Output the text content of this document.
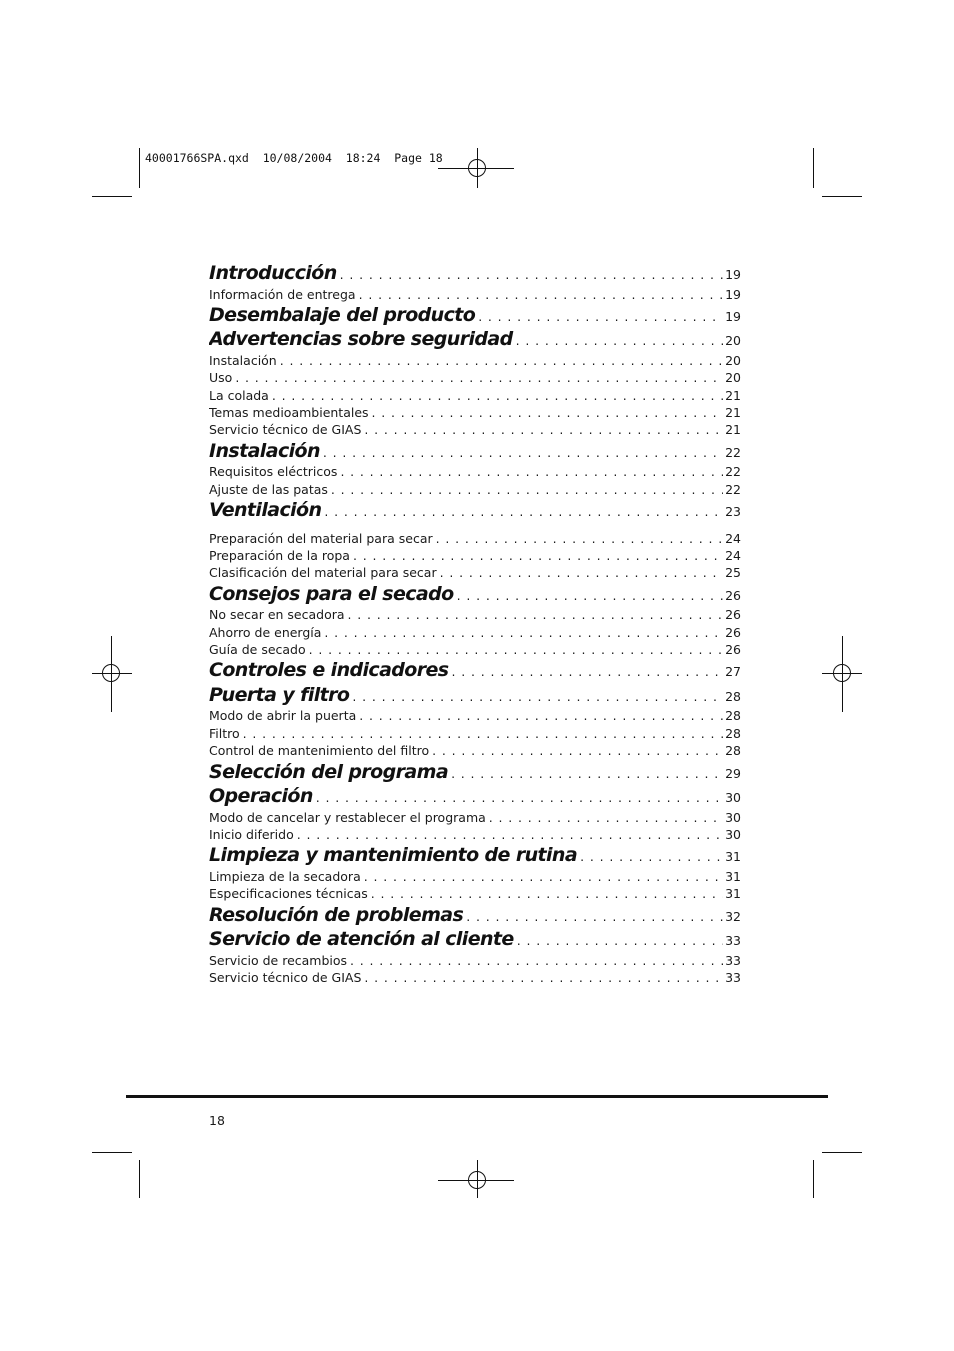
40001766SPA.qxd  10/08/2004  18:24  Page 18
Introducción . . .	19
Información de entrega . . .	19
Desembalaje del producto . . .	19
Advertencias sobre seguridad . . .	20
Instalación . . .	20
Uso . . .	20
La colada . . .	21
Temas medioambientales . . .	21
Servicio técnico de GIAS . . .	21
Instalación . . .	22
Requisitos eléctricos . . .	22
Ajuste de las patas . . .	22
Ventilación . . .	23
Preparación del material para secar . . .	24
Preparación de la ropa . . .	24
Clasificación del material para secar . . .	25
Consejos para el secado . . .	26
No secar en secadora . . .	26
Ahorro de energía . . .	26
Guía de secado . . .	26
Controles e indicadores . . .	27
Puerta y filtro . . .	28
Modo de abrir la puerta . . .	28
Filtro . . .	28
Control de mantenimiento del filtro . . .	28
Selección del programa . . .	29
Operación . . .	30
Modo de cancelar y restablecer el programa . . .	30
Inicio diferido . . .	30
Limpieza y mantenimiento de rutina . . .	31
Limpieza de la secadora . . .	31
Especificaciones técnicas . . .	31
Resolución de problemas . . .	32
Servicio de atención al cliente . . .	33
Servicio de recambios . . .	33
Servicio técnico de GIAS . . .	33
18
